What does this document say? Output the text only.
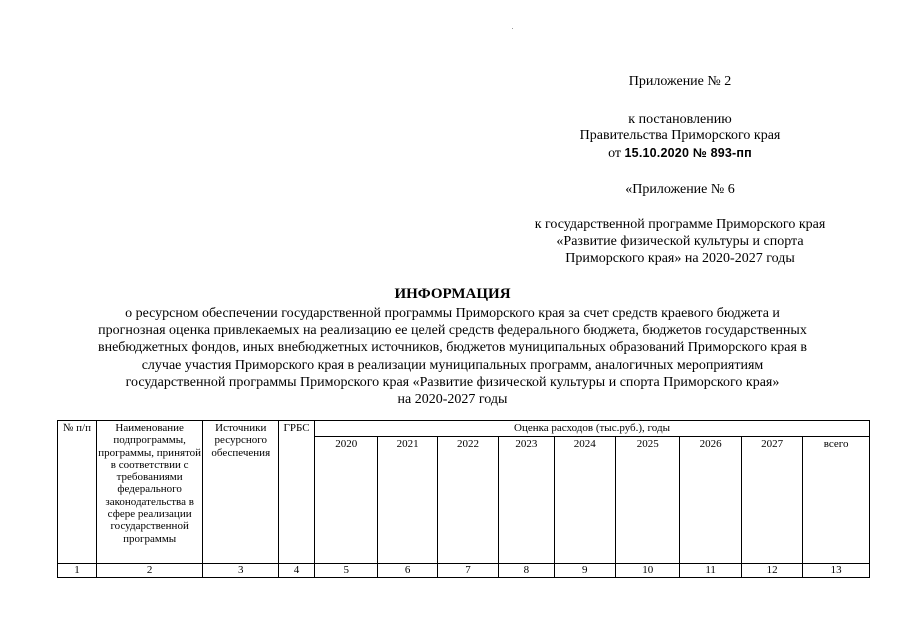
Приложение № 2
к постановлению
Правительства Приморского края
от 15.10.2020 № 893-пп
«Приложение № 6
к государственной программе Приморского края
«Развитие физической культуры и спорта
Приморского края» на 2020-2027 годы
ИНФОРМАЦИЯ
о ресурсном обеспечении государственной программы Приморского края за счет средств краевого бюджета и
прогнозная оценка привлекаемых на реализацию ее целей средств федерального бюджета, бюджетов государственных
внебюджетных фондов, иных внебюджетных источников, бюджетов муниципальных образований Приморского края в
случае участия Приморского края в реализации муниципальных программ, аналогичных мероприятиям
государственной программы Приморского края «Развитие физической культуры и спорта Приморского края»
на 2020-2027 годы
№ п/п	Наименование подпрограммы, программы, принятой в соответствии с требованиями федерального законодательства в сфере реализации государственной программы	Источники ресурсного обеспечения	ГРБС	Оценка расходов (тыс.руб.), годы								
				2020	2021	2022	2023	2024	2025	2026	2027	всего
1	2	3	4	5	6	7	8	9	10	11	12	13
